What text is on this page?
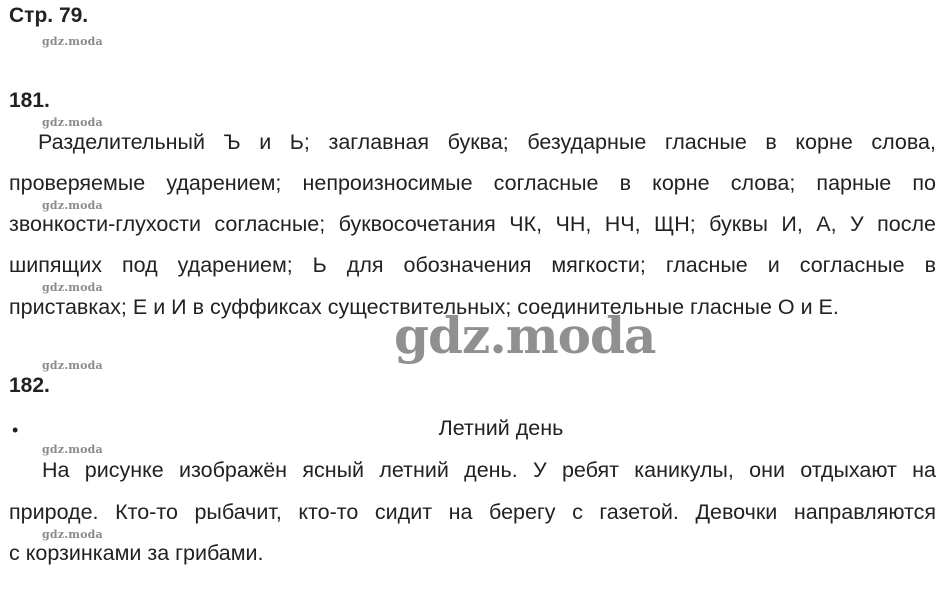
Стр. 79.
gdz.moda
181.
gdz.moda

Разделительный Ъ и Ь; заглавная буква; безударные гласные в корне слова,

проверяемые ударением; непроизносимые согласные в корне слова; парные по

gdz.moda

звонкости-глухости согласные; буквосочетания ЧК, ЧН, НЧ, ЩН; буквы И, А, У после

шипящих под ударением; Ь для обозначения мягкости; гласные и согласные в

gdz.moda

приставках; Е и И в суффиксах существительных; соединительные гласные О и Е.

gdz.moda
gdz.moda
182.
•	Летний день

gdz.moda

На рисунке изображён ясный летний день. У ребят каникулы, они отдыхают на

природе. Кто-то рыбачит, кто-то сидит на берегу с газетой. Девочки направляются

gdz.moda

с корзинками за грибами.
